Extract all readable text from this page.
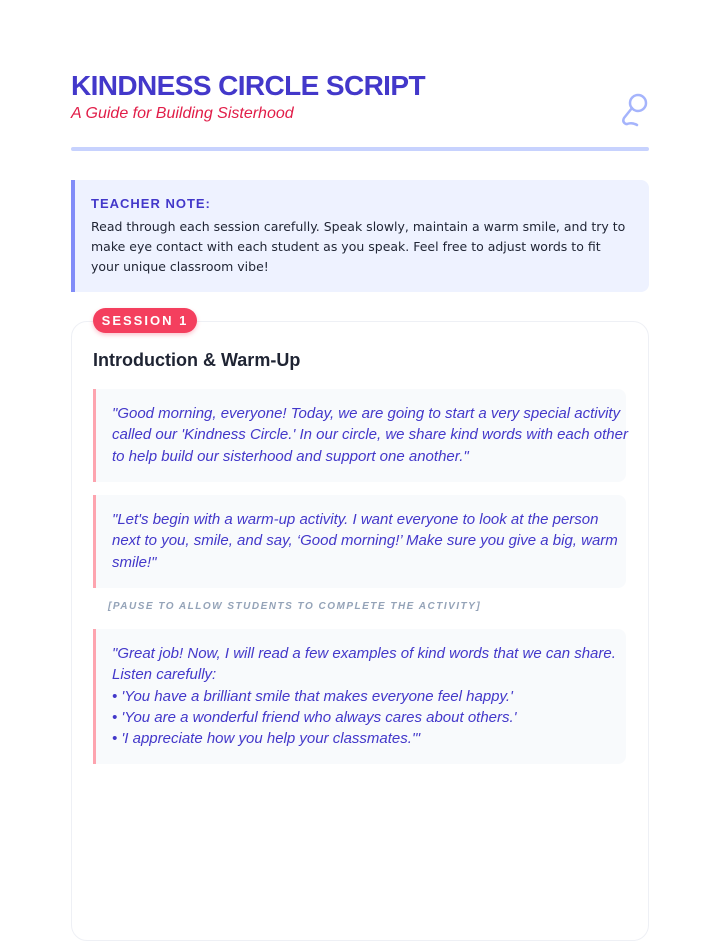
KINDNESS CIRCLE SCRIPT
A Guide for Building Sisterhood
TEACHER NOTE:
Read through each session carefully. Speak slowly, maintain a warm smile, and try to make eye contact with each student as you speak. Feel free to adjust words to fit your unique classroom vibe!
SESSION 1
Introduction & Warm-Up
"Good morning, everyone! Today, we are going to start a very special activity
called our 'Kindness Circle.' In our circle, we share kind words with each other
to help build our sisterhood and support one another."
"Let's begin with a warm-up activity. I want everyone to look at the person
next to you, smile, and say, ‘Good morning!’ Make sure you give a big, warm
smile!"
[PAUSE TO ALLOW STUDENTS TO COMPLETE THE ACTIVITY]
"Great job! Now, I will read a few examples of kind words that we can share.
Listen carefully:
• 'You have a brilliant smile that makes everyone feel happy.'
• 'You are a wonderful friend who always cares about others.'
• 'I appreciate how you help your classmates.'"
